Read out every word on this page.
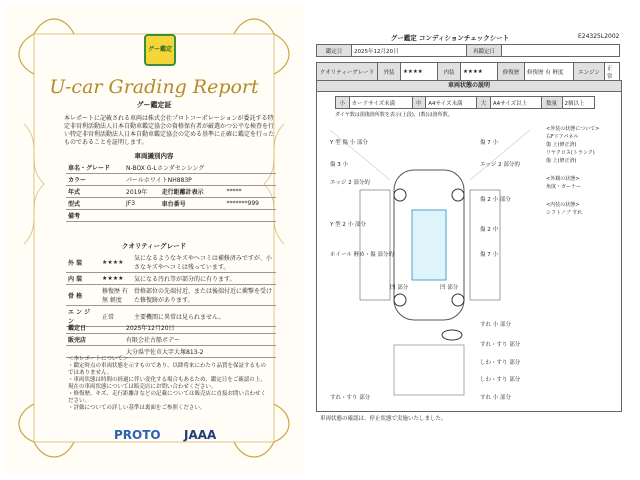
グー鑑定
U-car Grading Report
グー鑑定証
本レポートに記載される車両は株式会社プロトコーポレーションが委託する特定非営利活動法人日本自動車鑑定協会の資格保有者が厳選かつ公平な検査を行い特定非営利活動法人日本自動車鑑定協会の定める基準に正確に鑑定を行ったものであることを証明します。
車両識別内容
車名・グレード	N-BOX G-Lホンダセンシング		
カラー	パールホワイトNH883P		
年式	2019年	走行距離計表示	*****
型式	JF3	車台番号	*******999
備考			
クオリティーグレード
外 装	★★★★	気になるようなキズやヘコミは補修済みですが、小さなキズやヘコミは残っています。
内 装	★★★★	気になる汚れ等が部分的に有ります。
骨 格	修復歴 有 無 軽度	骨格部位の先端付近、または後端付近に衝撃を受けた修復跡があります。
エ ン ジ ン	正常	主要機関に異常は見られません。
鑑定日	2025年12月20日
販売店	有限会社古船ボデー
	大分県宇佐市大字大塚813-2
＜本レポートについて＞
・鑑定時点の車両状態を示すものであり、以降将来にわたり品質を保証するものではありません。
・車両状態は時間の経過に伴い変化する場合もあるため、鑑定日をご確認の上、現在の車両状態については販売店にお問い合わせください。
・修復歴、キズ、走行距離計などの記載については販売店に直接お問い合わせください。
・評価についての詳しい基準は裏面をご参照ください。
PROTO JAAA
E24325L2002
グー鑑定 コンディションチェックシート
鑑定日	2025年12月20日	再鑑定日	
クオリティーグレード	外装	★★★★	内装	★★★★	修復歴	修復歴 有 軽度	エンジン	正常
車両状態の説明
小	カードサイズ未満	中	A4サイズ未満	大	A4サイズ以上	数量	2個以上
ダイヤ数は損傷箇所数を表示(上段)、(数)は箇所数。
Y 型 傷 小 部分
傷 3 小
エッジ 2 部分的
Y 型 2 小 部分
ホイール 軽め・傷 部分的
傷 7 小
エッジ 2 部分的
傷 2 小 部分
傷 2 中
傷 7 小
凹 部分	凹 部分
すれ 小 部分
すれ・すり 部分
しわ・すり 部分
しわ・すり 部分
すれ 小 部分
すれ・すり 部分
<外装の状態について>
右Fドアパネル
傷 上(修正済)
リヤクロス(トランク)
傷 上(修正済)
<外観の状態>
角度・ガーナー
<内装の状態>
シフトノブ すれ
車両状態の確認は、停止状態で実施いたしました。
